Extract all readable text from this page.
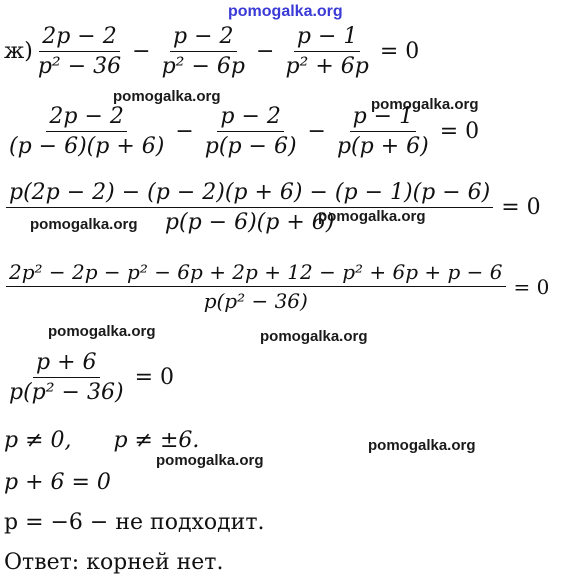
pomogalka.org
pomogalka.org	pomogalka.org
pomogalka.org	pomogalka.org
pomogalka.org	pomogalka.org
pomogalka.org
pomogalka.org
$ж) \frac{2p - 2}{\text{p² − 36}} - \frac{p - 2}{\text{p² − 6p}} - \frac{p - 1}{\text{p² + 6p}} = 0$
$\frac{2p - 2}{(p - 6)(p + 6)} - \frac{p - 2}{p(p - 6)} - \frac{p - 1}{p(p + 6)} = 0$
$\frac{p(2p - 2) - (p - 2)(p + 6) - (p - 1)(p - 6)}{p(p - 6)(p + 6)} = 0$
$\frac{\text{2p² − 2p − p² − 6p + 2p + 12 − p² + 6p + p − 6}}{\text{p(p² − 36)}} = 0$
$\frac{p + 6}{\text{p(p² − 36)}} = 0$
p ≠ 0,      p ≠ ±6.
p + 6 = 0
p = −6 − не подходит.
Ответ: корней нет.
